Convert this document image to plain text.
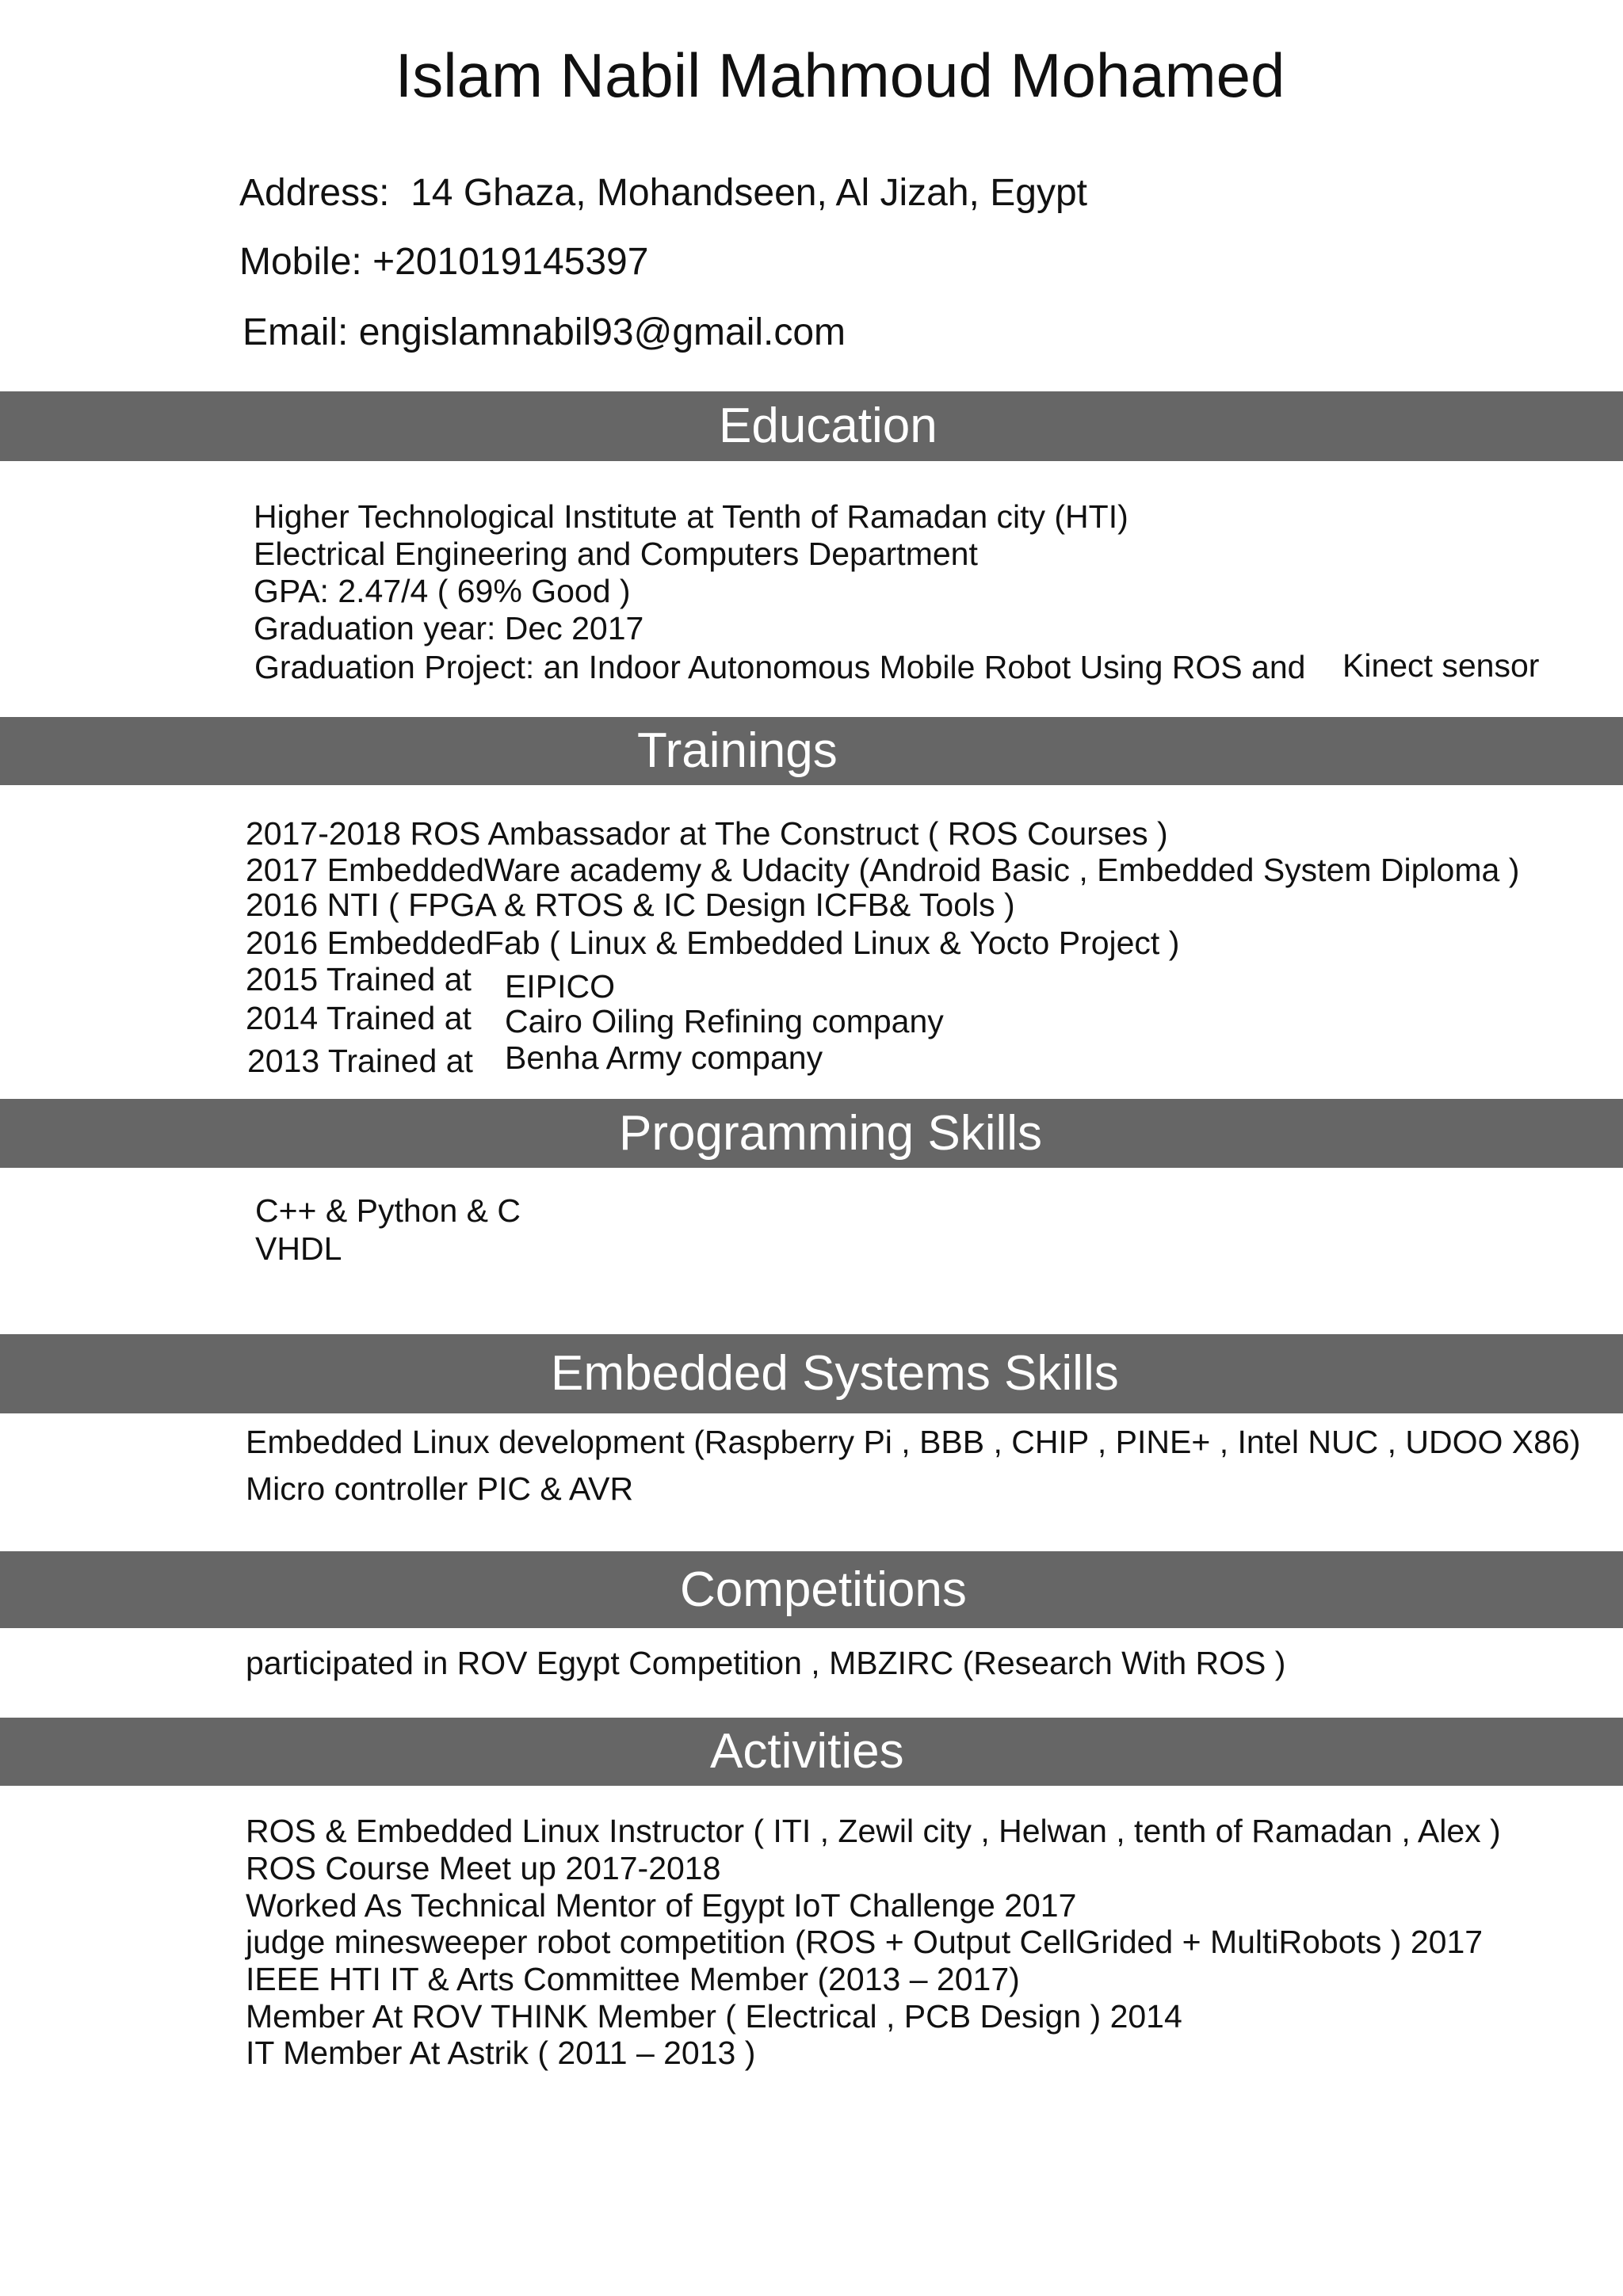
Islam Nabil Mahmoud Mohamed
Address: 14 Ghaza, Mohandseen, Al Jizah, Egypt
Mobile: +201019145397
Email: engislamnabil93@gmail.com
Education
Higher Technological Institute at Tenth of Ramadan city (HTI)
Electrical Engineering and Computers Department
GPA: 2.47/4 ( 69% Good )
Graduation year: Dec 2017
Graduation Project: an Indoor Autonomous Mobile Robot Using ROS and Kinect sensor
Trainings
2017-2018 ROS Ambassador at The Construct ( ROS Courses )
2017 EmbeddedWare academy & Udacity (Android Basic , Embedded System Diploma )
2016 NTI ( FPGA & RTOS & IC Design ICFB& Tools )
2016 EmbeddedFab ( Linux & Embedded Linux & Yocto Project )
2015 Trained at EIPICO
2014 Trained at Cairo Oiling Refining company
2013 Trained at Benha Army company
Programming Skills
C++ & Python & C
VHDL
Embedded Systems Skills
Embedded Linux development (Raspberry Pi , BBB , CHIP , PINE+ , Intel NUC , UDOO X86)
Micro controller PIC & AVR
Competitions
participated in ROV Egypt Competition , MBZIRC (Research With ROS )
Activities
ROS & Embedded Linux Instructor ( ITI , Zewil city , Helwan , tenth of Ramadan , Alex )
ROS Course Meet up 2017-2018
Worked As Technical Mentor of Egypt IoT Challenge 2017
judge minesweeper robot competition (ROS + Output CellGrided + MultiRobots ) 2017
IEEE HTI IT & Arts Committee Member (2013 – 2017)
Member At ROV THINK Member ( Electrical , PCB Design ) 2014
IT Member At Astrik ( 2011 – 2013 )
